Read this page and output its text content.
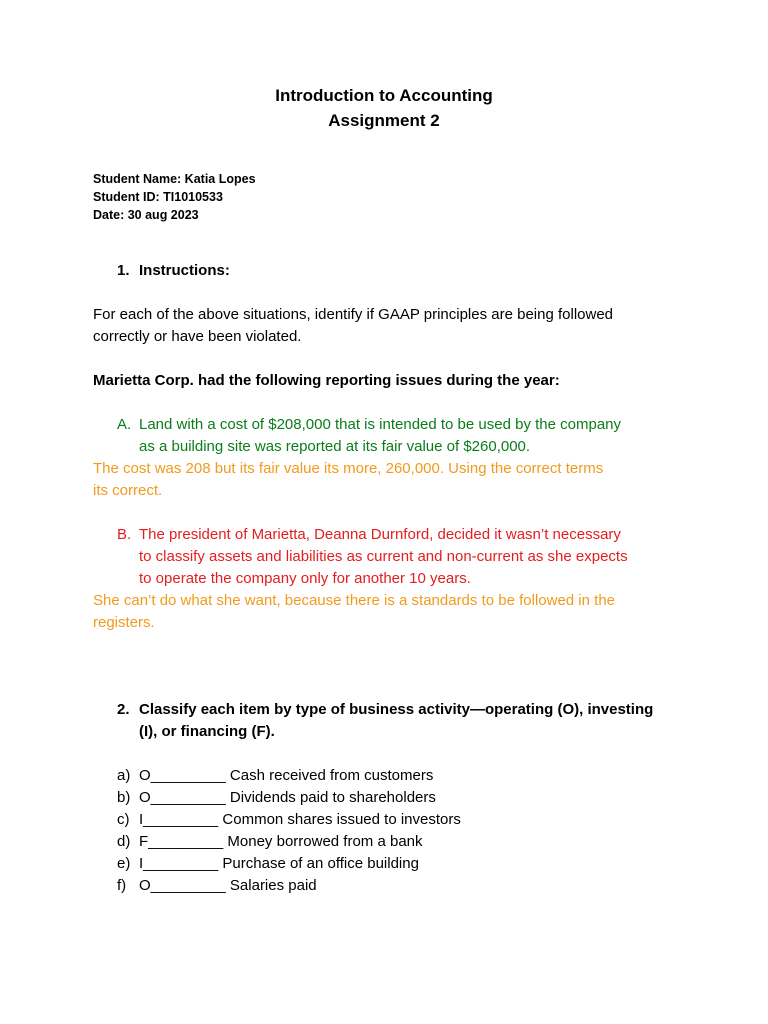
Introduction to Accounting
Assignment 2
Student Name: Katia Lopes
Student ID: TI1010533
Date: 30 aug 2023
1. Instructions:
For each of the above situations, identify if GAAP principles are being followed
correctly or have been violated.
Marietta Corp. had the following reporting issues during the year:
A. Land with a cost of $208,000 that is intended to be used by the company
as a building site was reported at its fair value of $260,000.
The cost was 208 but its fair value its more, 260,000. Using the correct terms
its correct.
B. The president of Marietta, Deanna Durnford, decided it wasn’t necessary
to classify assets and liabilities as current and non-current as she expects
to operate the company only for another 10 years.
She can’t do what she want, because there is a standards to be followed in the
registers.
2. Classify each item by type of business activity—operating (O), investing
(I), or financing (F).
a) O_________ Cash received from customers
b) O_________ Dividends paid to shareholders
c) I_________ Common shares issued to investors
d) F_________ Money borrowed from a bank
e) I_________ Purchase of an office building
f) O_________ Salaries paid
